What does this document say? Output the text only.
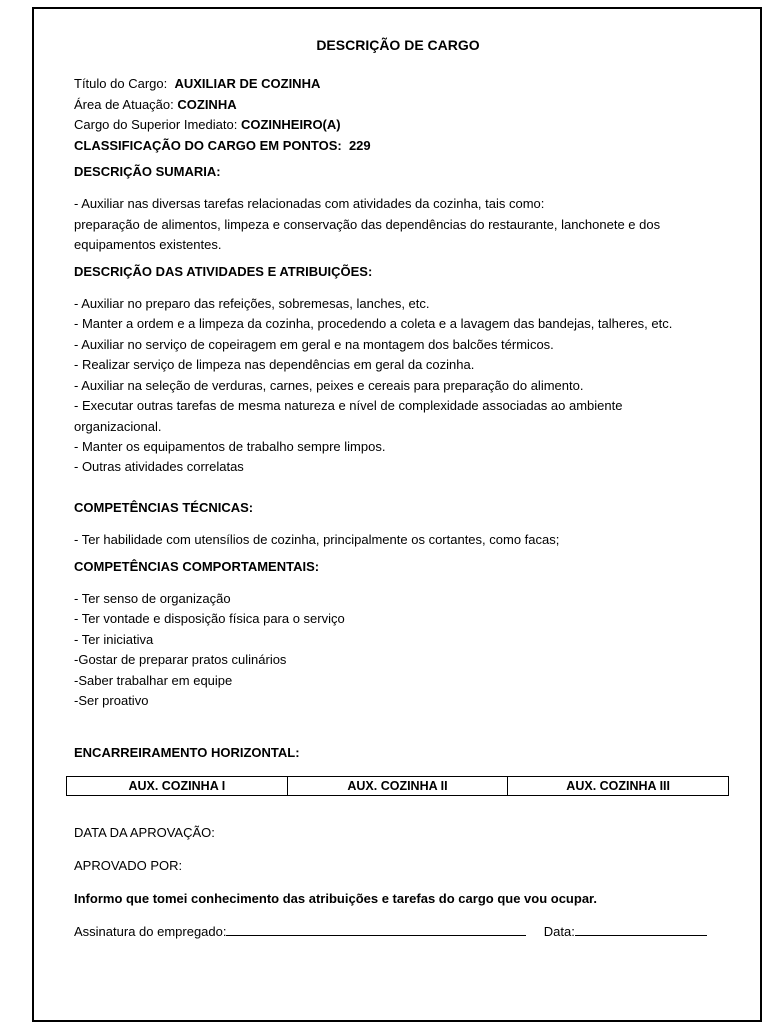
DESCRIÇÃO DE CARGO
Título do Cargo: AUXILIAR DE COZINHA
Área de Atuação: COZINHA
Cargo do Superior Imediato: COZINHEIRO(A)
CLASSIFICAÇÃO DO CARGO EM PONTOS: 229
DESCRIÇÃO SUMARIA:
- Auxiliar nas diversas tarefas relacionadas com atividades da cozinha, tais como:
preparação de alimentos, limpeza e conservação das dependências do restaurante, lanchonete e dos
equipamentos existentes.
DESCRIÇÃO DAS ATIVIDADES E ATRIBUIÇÕES:
- Auxiliar no preparo das refeições, sobremesas, lanches, etc.
- Manter a ordem e a limpeza da cozinha, procedendo a coleta e a lavagem das bandejas, talheres, etc.
- Auxiliar no serviço de copeiragem em geral e na montagem dos balcões térmicos.
- Realizar serviço de limpeza nas dependências em geral da cozinha.
- Auxiliar na seleção de verduras, carnes, peixes e cereais para preparação do alimento.
- Executar outras tarefas de mesma natureza e nível de complexidade associadas ao ambiente
organizacional.
- Manter os equipamentos de trabalho sempre limpos.
- Outras atividades correlatas
COMPETÊNCIAS TÉCNICAS:
- Ter habilidade com utensílios de cozinha, principalmente os cortantes, como facas;
COMPETÊNCIAS COMPORTAMENTAIS:
- Ter senso de organização
- Ter vontade e disposição física para o serviço
- Ter iniciativa
-Gostar de preparar pratos culinários
-Saber trabalhar em equipe
-Ser proativo
ENCARREIRAMENTO HORIZONTAL:
AUX. COZINHA I	AUX. COZINHA II	AUX. COZINHA III
DATA DA APROVAÇÃO:
APROVADO POR:
Informo que tomei conhecimento das atribuições e tarefas do cargo que vou ocupar.
Assinatura do empregado:	Data:
